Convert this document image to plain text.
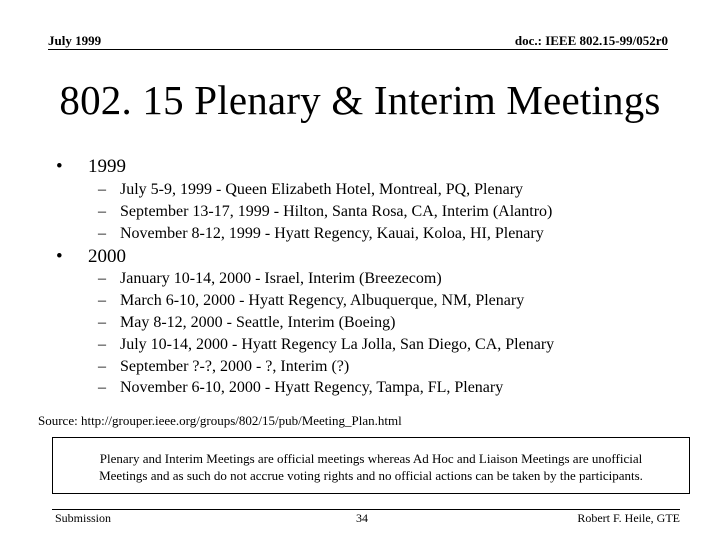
July 1999	doc.: IEEE 802.15-99/052r0
802. 15 Plenary & Interim Meetings
• 1999
– July 5-9, 1999 - Queen Elizabeth Hotel, Montreal, PQ, Plenary
– September 13-17, 1999 - Hilton, Santa Rosa, CA, Interim (Alantro)
– November 8-12, 1999 - Hyatt Regency, Kauai, Koloa, HI, Plenary
• 2000
– January 10-14, 2000 - Israel, Interim (Breezecom)
– March 6-10, 2000 - Hyatt Regency, Albuquerque, NM, Plenary
– May 8-12, 2000 - Seattle, Interim (Boeing)
– July 10-14, 2000 - Hyatt Regency La Jolla, San Diego, CA, Plenary
– September ?-?, 2000 - ?, Interim (?)
– November 6-10, 2000 - Hyatt Regency, Tampa, FL, Plenary
Source: http://grouper.ieee.org/groups/802/15/pub/Meeting_Plan.html
Plenary and Interim Meetings are official meetings whereas Ad Hoc and Liaison Meetings are unofficial
Meetings and as such do not accrue voting rights and no official actions can be taken by the participants.
Submission	34	Robert F. Heile, GTE
